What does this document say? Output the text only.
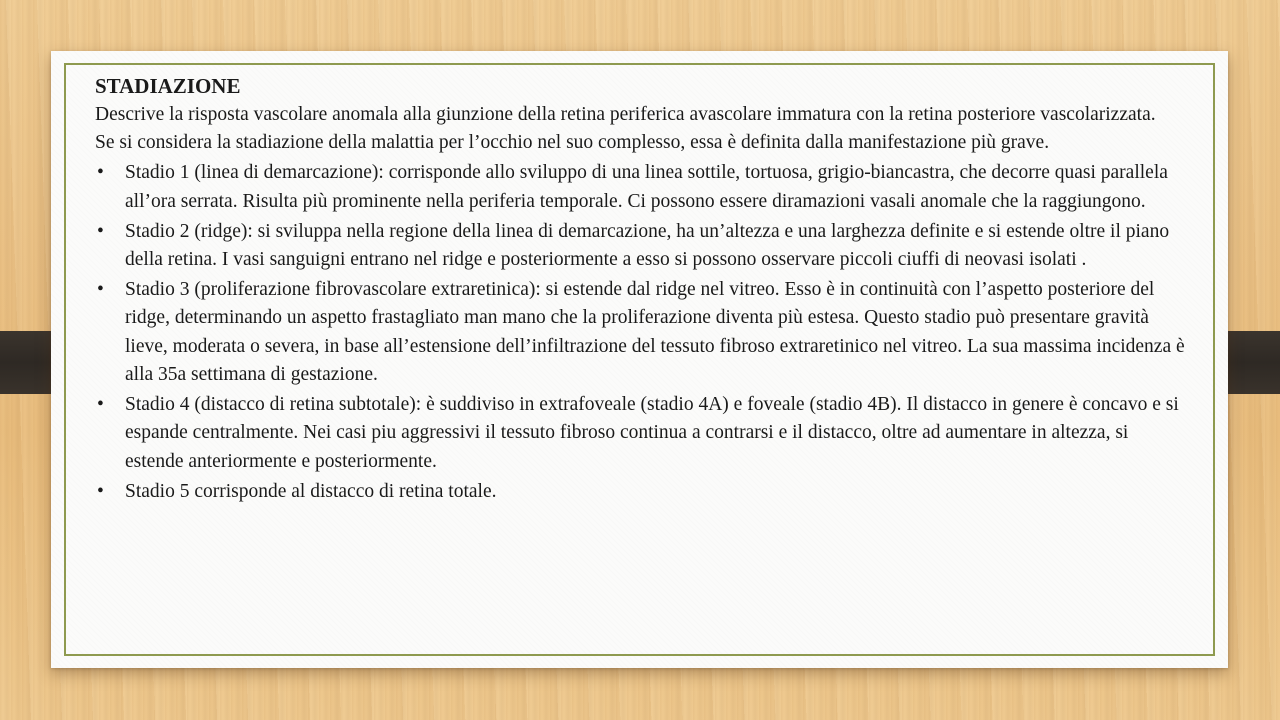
STADIAZIONE

Descrive la risposta vascolare anomala alla giunzione della retina periferica avascolare immatura con la retina posteriore vascolarizzata.

Se si considera la stadiazione della malattia per l’occhio nel suo complesso, essa è definita dalla manifestazione più grave.

• Stadio 1 (linea di demarcazione): corrisponde allo sviluppo di una linea sottile, tortuosa, grigio-biancastra, che decorre quasi parallela all’ora serrata. Risulta più prominente nella periferia temporale. Ci possono essere diramazioni vasali anomale che la raggiungono.
• Stadio 2 (ridge): si sviluppa nella regione della linea di demarcazione, ha un’altezza e una larghezza definite e si estende oltre il piano della retina. I vasi sanguigni entrano nel ridge e posteriormente a esso si possono osservare piccoli ciuffi di neovasi isolati .
• Stadio 3 (proliferazione fibrovascolare extraretinica): si estende dal ridge nel vitreo. Esso è in continuità con l’aspetto posteriore del ridge, determinando un aspetto frastagliato man mano che la proliferazione diventa più estesa. Questo stadio può presentare gravità lieve, moderata o severa, in base all’estensione dell’infiltrazione del tessuto fibroso extraretinico nel vitreo. La sua massima incidenza è alla 35a settimana di gestazione.
• Stadio 4 (distacco di retina subtotale): è suddiviso in extrafoveale (stadio 4A) e foveale (stadio 4B). Il distacco in genere è concavo e si espande centralmente. Nei casi piu aggressivi il tessuto fibroso continua a contrarsi e il distacco, oltre ad aumentare in altezza, si estende anteriormente e posteriormente.
• Stadio 5 corrisponde al distacco di retina totale.
